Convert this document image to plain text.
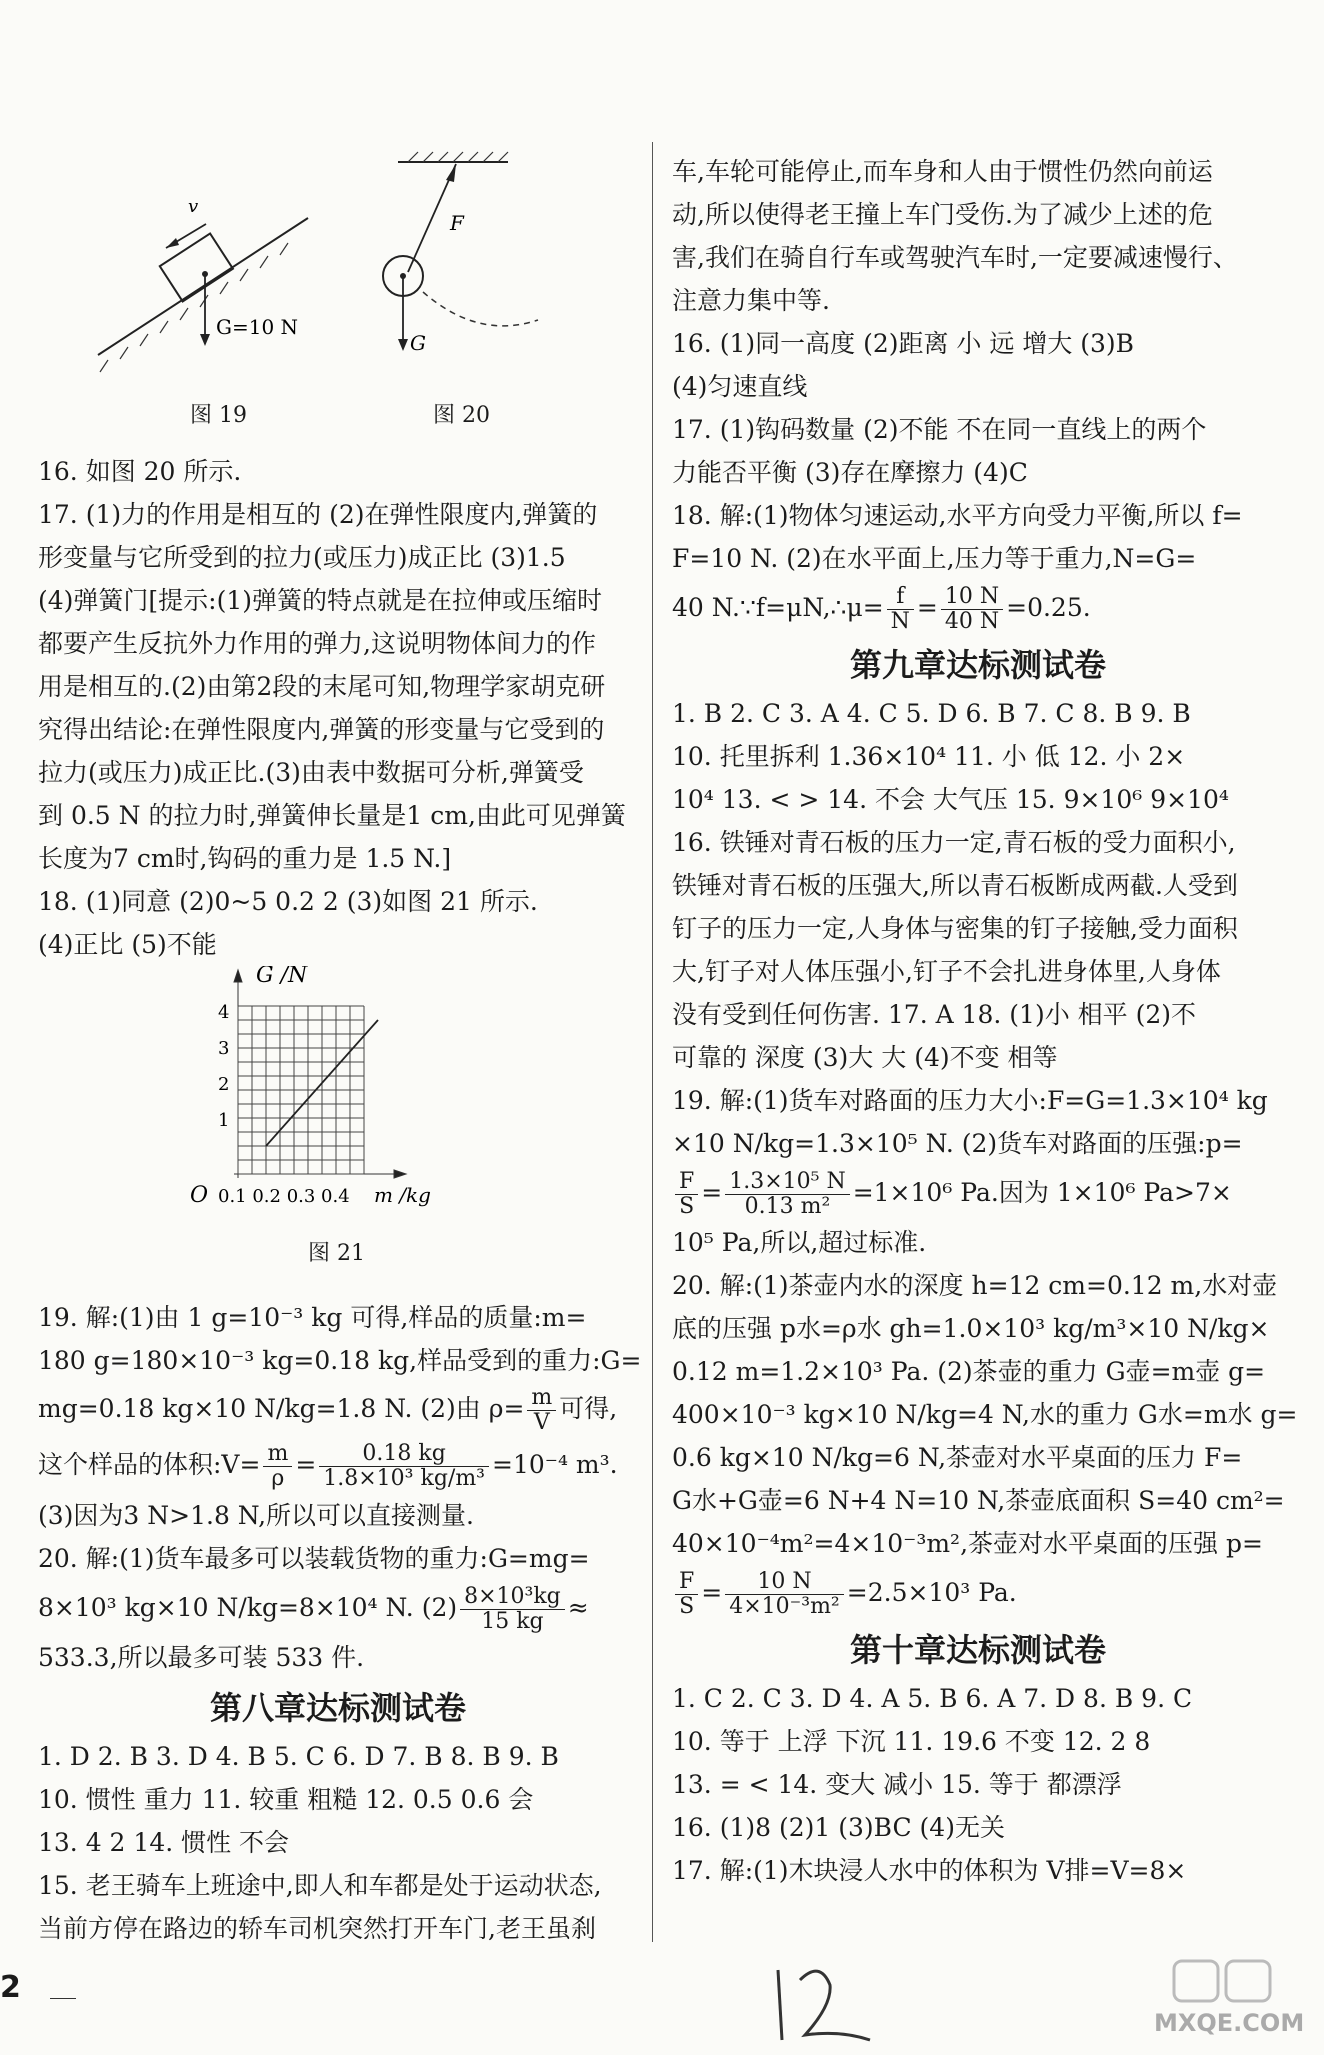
v
G=10 N
F
G
图 19	图 20

16. 如图 20 所示.

17. (1)力的作用是相互的 (2)在弹性限度内,弹簧的

形变量与它所受到的拉力(或压力)成正比 (3)1.5

(4)弹簧门[提示:(1)弹簧的特点就是在拉伸或压缩时

都要产生反抗外力作用的弹力,这说明物体间力的作

用是相互的.(2)由第2段的末尾可知,物理学家胡克研

究得出结论:在弹性限度内,弹簧的形变量与它受到的

拉力(或压力)成正比.(3)由表中数据可分析,弹簧受

到 0.5 N 的拉力时,弹簧伸长量是1 cm,由此可见弹簧

长度为7 cm时,钩码的重力是 1.5 N.]

18. (1)同意 (2)0~5 0.2 2 (3)如图 21 所示.

(4)正比 (5)不能

G /N
4
3
2
1
O 0.1 0.2 0.3 0.4 m /kg
图 21

19. 解:(1)由 1 g=10⁻³ kg 可得,样品的质量:m=

180 g=180×10⁻³ kg=0.18 kg,样品受到的重力:G=

mg=0.18 kg×10 N/kg=1.8 N. (2)由 $\rho= \frac{m}{V}$ 可得,

这个样品的体积:V= $\frac{m}{\rho} = \frac{0.18 kg}{\text{1.8×10³ kg/m³}} =10^{-4}$ m³.

(3)因为3 N>1.8 N,所以可以直接测量.

20. 解:(1)货车最多可以装载货物的重力:G=mg=

8×10³ kg×10 N/kg=8×10⁴ N. $(2) \frac{\text{8×10³kg}}{15 kg}$ ≈

533.3,所以最多可装 533 件.

第八章达标测试卷

1. D 2. B 3. D 4. B 5. C 6. D 7. B 8. B 9. B

10. 惯性 重力 11. 较重 粗糙 12. 0.5 0.6 会

13. 4 2 14. 惯性 不会

15. 老王骑车上班途中,即人和车都是处于运动状态,

当前方停在路边的轿车司机突然打开车门,老王虽刹

车,车轮可能停止,而车身和人由于惯性仍然向前运

动,所以使得老王撞上车门受伤.为了减少上述的危

害,我们在骑自行车或驾驶汽车时,一定要减速慢行、

注意力集中等.

16. (1)同一高度 (2)距离 小 远 增大 (3)B

(4)匀速直线

17. (1)钩码数量 (2)不能 不在同一直线上的两个

力能否平衡 (3)存在摩擦力 (4)C

18. 解:(1)物体匀速运动,水平方向受力平衡,所以 f=

F=10 N. (2)在水平面上,压力等于重力,N=G=

40 N.∵f=μN,∴μ= $\frac{f}{N} = \frac{10 N}{40 N} =0.25$.

第九章达标测试卷

1. B 2. C 3. A 4. C 5. D 6. B 7. C 8. B 9. B

10. 托里拆利 1.36×10⁴ 11. 小 低 12. 小 2×

10⁴ 13. < > 14. 不会 大气压 15. 9×10⁶ 9×10⁴

16. 铁锤对青石板的压力一定,青石板的受力面积小,

铁锤对青石板的压强大,所以青石板断成两截.人受到

钉子的压力一定,人身体与密集的钉子接触,受力面积

大,钉子对人体压强小,钉子不会扎进身体里,人身体

没有受到任何伤害. 17. A 18. (1)小 相平 (2)不

可靠的 深度 (3)大 大 (4)不变 相等

19. 解:(1)货车对路面的压力大小:F=G=1.3×10⁴ kg

×10 N/kg=1.3×10⁵ N. (2)货车对路面的压强:p=

$\frac{F}{S} = \frac{\text{1.3×10⁵ N}}{\text{0.13 m²}} =1\times 10^6$ Pa.因为 1×10⁶ Pa>7×

10⁵ Pa,所以,超过标准.

20. 解:(1)茶壶内水的深度 h=12 cm=0.12 m,水对壶

底的压强 p水=ρ水 gh=1.0×10³ kg/m³×10 N/kg×

0.12 m=1.2×10³ Pa. (2)茶壶的重力 G壶=m壶 g=

400×10⁻³ kg×10 N/kg=4 N,水的重力 G水=m水 g=

0.6 kg×10 N/kg=6 N,茶壶对水平桌面的压力 F=

G水+G壶=6 N+4 N=10 N,茶壶底面积 S=40 cm²=

40×10⁻⁴m²=4×10⁻³m²,茶壶对水平桌面的压强 p=

$\frac{F}{S} = \frac{10 N}{\text{4×10⁻³m²}} =2.5\times 10^3$ Pa.

第十章达标测试卷

1. C 2. C 3. D 4. A 5. B 6. A 7. D 8. B 9. C

10. 等于 上浮 下沉 11. 19.6 不变 12. 2 8

13. = < 14. 变大 减小 15. 等于 都漂浮

16. (1)8 (2)1 (3)BC (4)无关

17. 解:(1)木块浸人水中的体积为 V排=V=8×

2
MXQE.COM
